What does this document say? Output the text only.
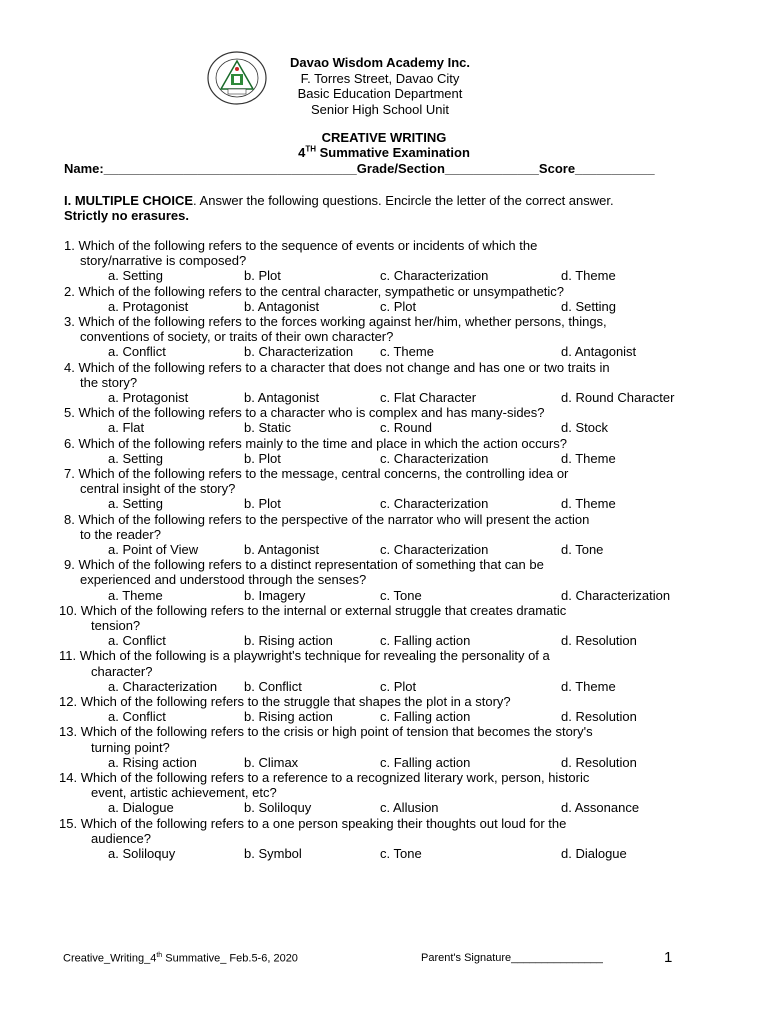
Davao Wisdom Academy Inc.
F. Torres Street, Davao City
Basic Education Department
Senior High School Unit
CREATIVE WRITING
4TH Summative Examination
Name:___________________________________Grade/Section_____________Score___________
I. MULTIPLE CHOICE. Answer the following questions. Encircle the letter of the correct answer.
Strictly no erasures.
1. Which of the following refers to the sequence of events or incidents of which the
story/narrative is composed?
a. Setting	b. Plot	c. Characterization	d. Theme
2. Which of the following refers to the central character, sympathetic or unsympathetic?
a. Protagonist	b. Antagonist	c. Plot	d. Setting
3. Which of the following refers to the forces working against her/him, whether persons, things,
conventions of society, or traits of their own character?
a. Conflict	b. Characterization c. Theme	d. Antagonist
4. Which of the following refers to a character that does not change and has one or two traits in
the story?
a. Protagonist	b. Antagonist	c. Flat Character	d. Round Character
5. Which of the following refers to a character who is complex and has many-sides?
a. Flat	b. Static	c. Round	d. Stock
6. Which of the following refers mainly to the time and place in which the action occurs?
a. Setting	b. Plot	c. Characterization	d. Theme
7. Which of the following refers to the message, central concerns, the controlling idea or
central insight of the story?
a. Setting	b. Plot	c. Characterization	d. Theme
8. Which of the following refers to the perspective of the narrator who will present the action
to the reader?
a. Point of View	b. Antagonist	c. Characterization	d. Tone
9. Which of the following refers to a distinct representation of something that can be
experienced and understood through the senses?
a. Theme	b. Imagery	c. Tone	d. Characterization
10. Which of the following refers to the internal or external struggle that creates dramatic
tension?
a. Conflict	b. Rising action	c. Falling action	d. Resolution
11. Which of the following is a playwright's technique for revealing the personality of a
character?
a. Characterization b. Conflict	c. Plot	d. Theme
12. Which of the following refers to the struggle that shapes the plot in a story?
a. Conflict	b. Rising action	c. Falling action	d. Resolution
13. Which of the following refers to the crisis or high point of tension that becomes the story's
turning point?
a. Rising action	b. Climax	c. Falling action	d. Resolution
14. Which of the following refers to a reference to a recognized literary work, person, historic
event, artistic achievement, etc?
a. Dialogue	b. Soliloquy	c. Allusion	d. Assonance
15. Which of the following refers to a one person speaking their thoughts out loud for the
audience?
a. Soliloquy	b. Symbol	c. Tone	d. Dialogue
Creative_Writing_4th Summative_ Feb.5-6, 2020	Parent's Signature_______________	1
